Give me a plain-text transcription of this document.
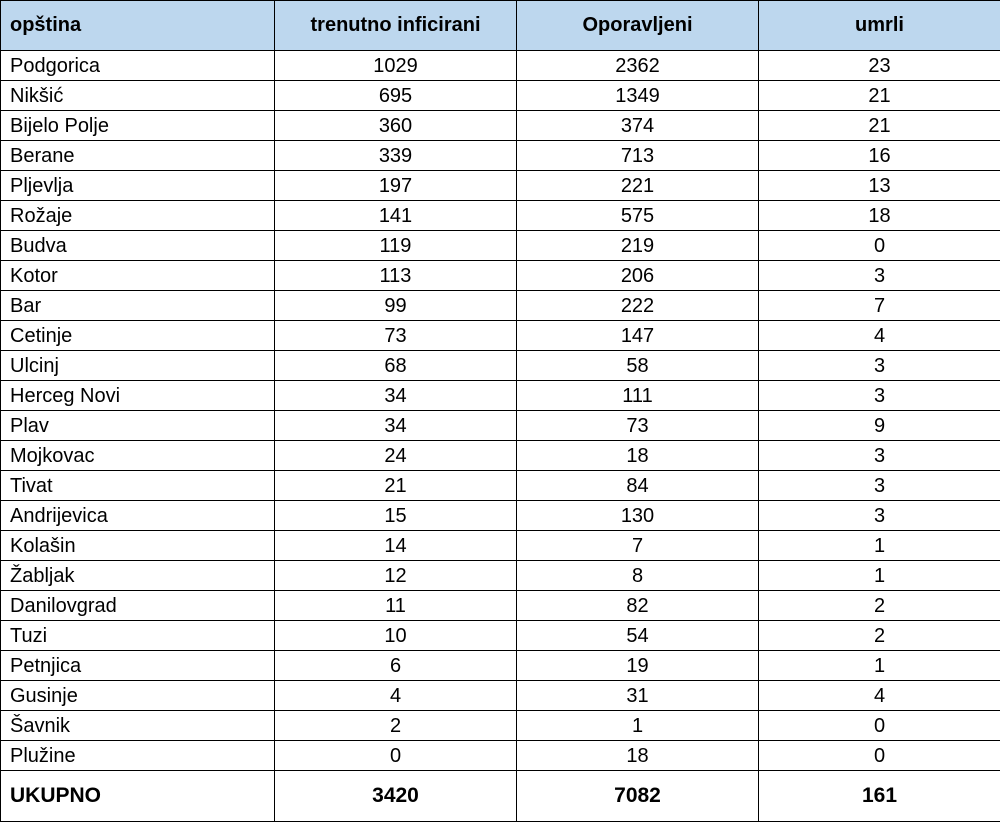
opština	trenutno inficirani	Oporavljeni	umrli
Podgorica	1029	2362	23
Nikšić	695	1349	21
Bijelo Polje	360	374	21
Berane	339	713	16
Pljevlja	197	221	13
Rožaje	141	575	18
Budva	119	219	0
Kotor	113	206	3
Bar	99	222	7
Cetinje	73	147	4
Ulcinj	68	58	3
Herceg Novi	34	111	3
Plav	34	73	9
Mojkovac	24	18	3
Tivat	21	84	3
Andrijevica	15	130	3
Kolašin	14	7	1
Žabljak	12	8	1
Danilovgrad	11	82	2
Tuzi	10	54	2
Petnjica	6	19	1
Gusinje	4	31	4
Šavnik	2	1	0
Plužine	0	18	0
UKUPNO	3420	7082	161
